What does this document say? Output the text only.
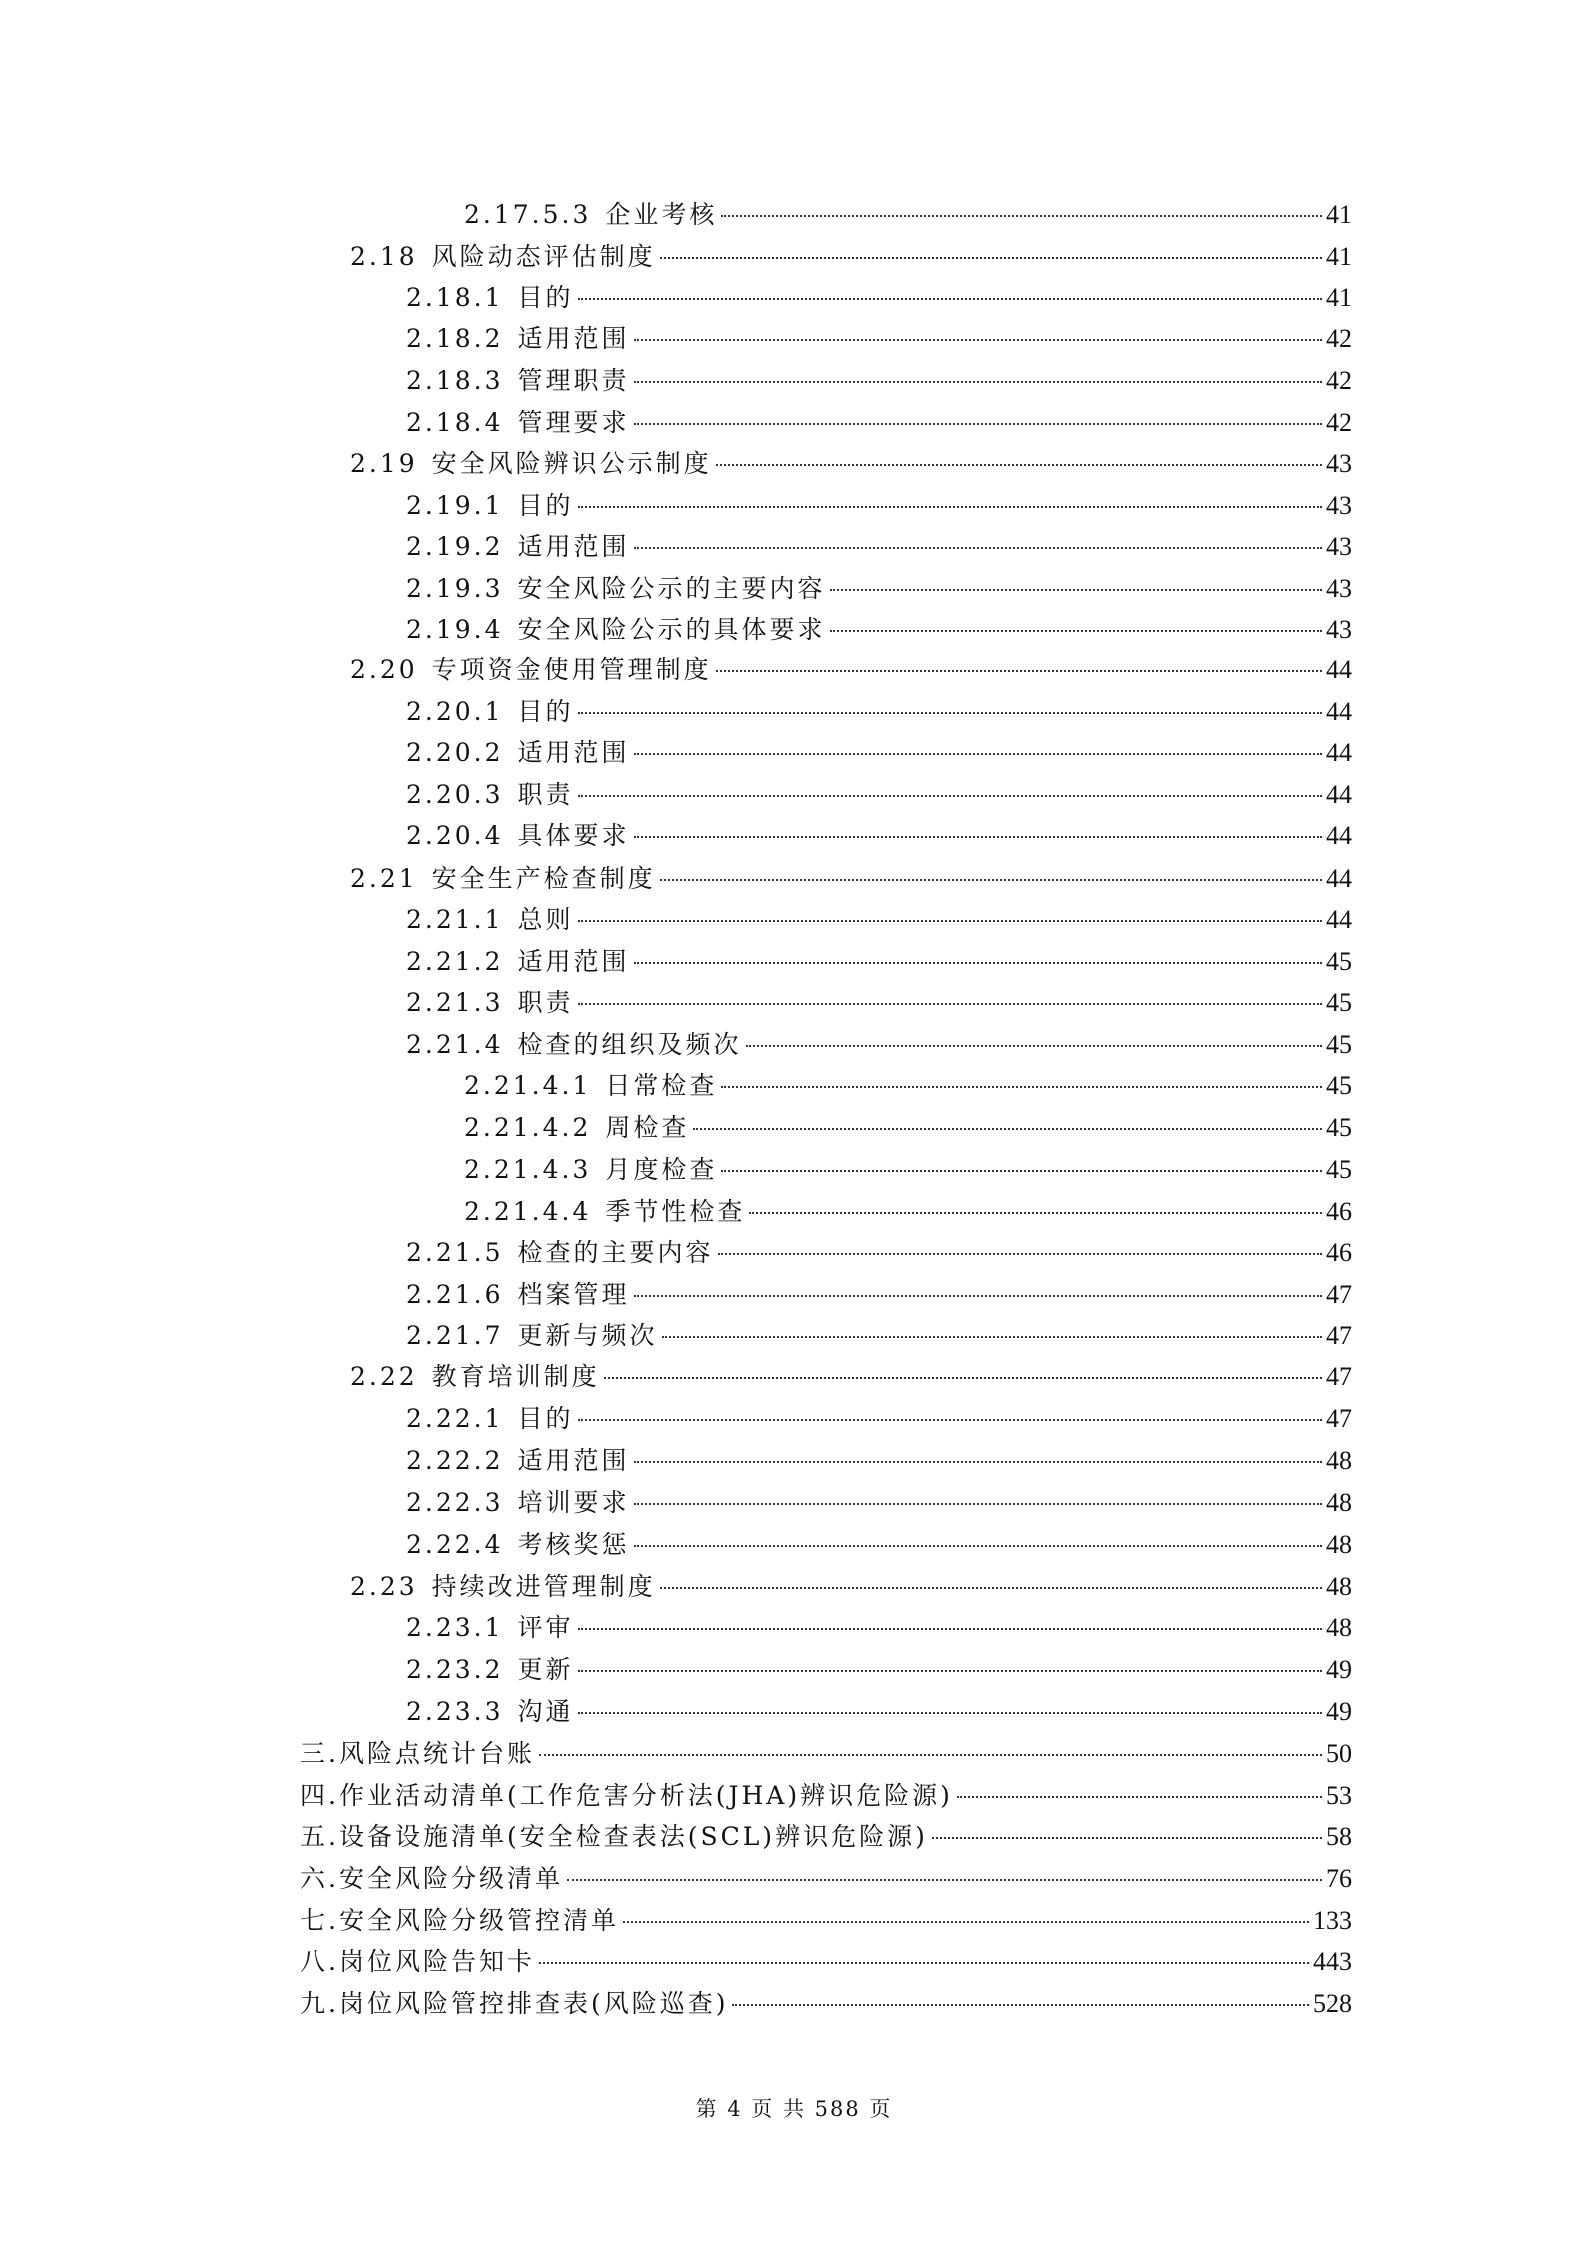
2.17.5.3 企业考核	41
2.18 风险动态评估制度	41
2.18.1 目的	41
2.18.2 适用范围	42
2.18.3 管理职责	42
2.18.4 管理要求	42
2.19 安全风险辨识公示制度	43
2.19.1 目的	43
2.19.2 适用范围	43
2.19.3 安全风险公示的主要内容	43
2.19.4 安全风险公示的具体要求	43
2.20 专项资金使用管理制度	44
2.20.1 目的	44
2.20.2 适用范围	44
2.20.3 职责	44
2.20.4 具体要求	44
2.21 安全生产检查制度	44
2.21.1 总则	44
2.21.2 适用范围	45
2.21.3 职责	45
2.21.4 检查的组织及频次	45
2.21.4.1 日常检查	45
2.21.4.2 周检查	45
2.21.4.3 月度检查	45
2.21.4.4 季节性检查	46
2.21.5 检查的主要内容	46
2.21.6 档案管理	47
2.21.7 更新与频次	47
2.22 教育培训制度	47
2.22.1 目的	47
2.22.2 适用范围	48
2.22.3 培训要求	48
2.22.4 考核奖惩	48
2.23 持续改进管理制度	48
2.23.1 评审	48
2.23.2 更新	49
2.23.3 沟通	49
三.风险点统计台账	50
四.作业活动清单(工作危害分析法(JHA)辨识危险源)	53
五.设备设施清单(安全检查表法(SCL)辨识危险源)	58
六.安全风险分级清单	76
七.安全风险分级管控清单	133
八.岗位风险告知卡	443
九.岗位风险管控排查表(风险巡查)	528
第 4 页 共 588 页
